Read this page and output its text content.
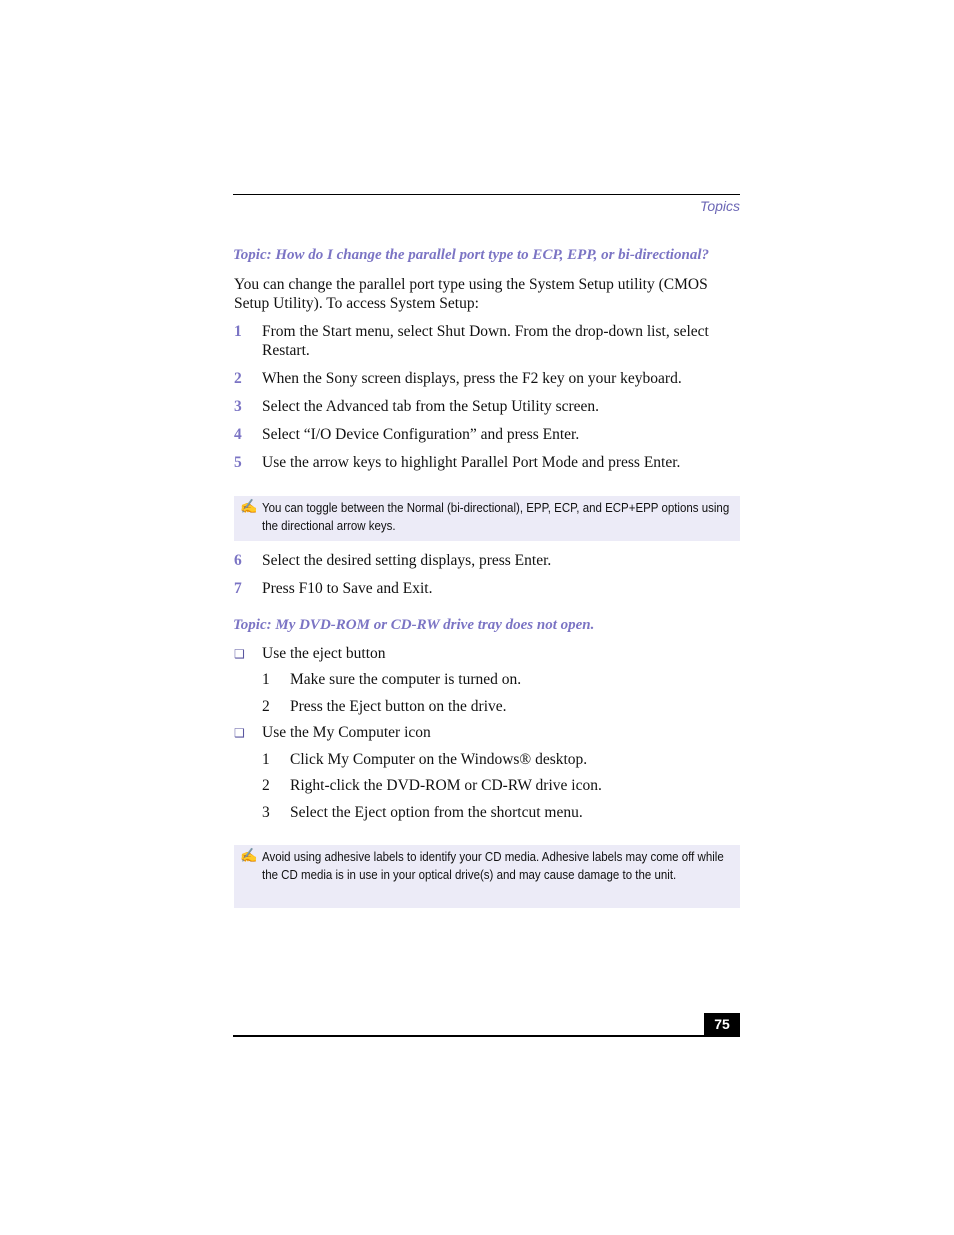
Topics
Topic: How do I change the parallel port type to ECP, EPP, or bi-directional?
You can change the parallel port type using the System Setup utility (CMOS Setup Utility). To access System Setup:
1 From the Start menu, select Shut Down. From the drop-down list, select Restart.
2 When the Sony screen displays, press the F2 key on your keyboard.
3 Select the Advanced tab from the Setup Utility screen.
4 Select “I/O Device Configuration” and press Enter.
5 Use the arrow keys to highlight Parallel Port Mode and press Enter.
✍ You can toggle between the Normal (bi-directional), EPP, ECP, and ECP+EPP options using the directional arrow keys.
6 Select the desired setting displays, press Enter.
7 Press F10 to Save and Exit.
Topic: My DVD-ROM or CD-RW drive tray does not open.
❑ Use the eject button
1 Make sure the computer is turned on.
2 Press the Eject button on the drive.
❑ Use the My Computer icon
1 Click My Computer on the Windows® desktop.
2 Right-click the DVD-ROM or CD-RW drive icon.
3 Select the Eject option from the shortcut menu.
✍ Avoid using adhesive labels to identify your CD media. Adhesive labels may come off while the CD media is in use in your optical drive(s) and may cause damage to the unit.
75
